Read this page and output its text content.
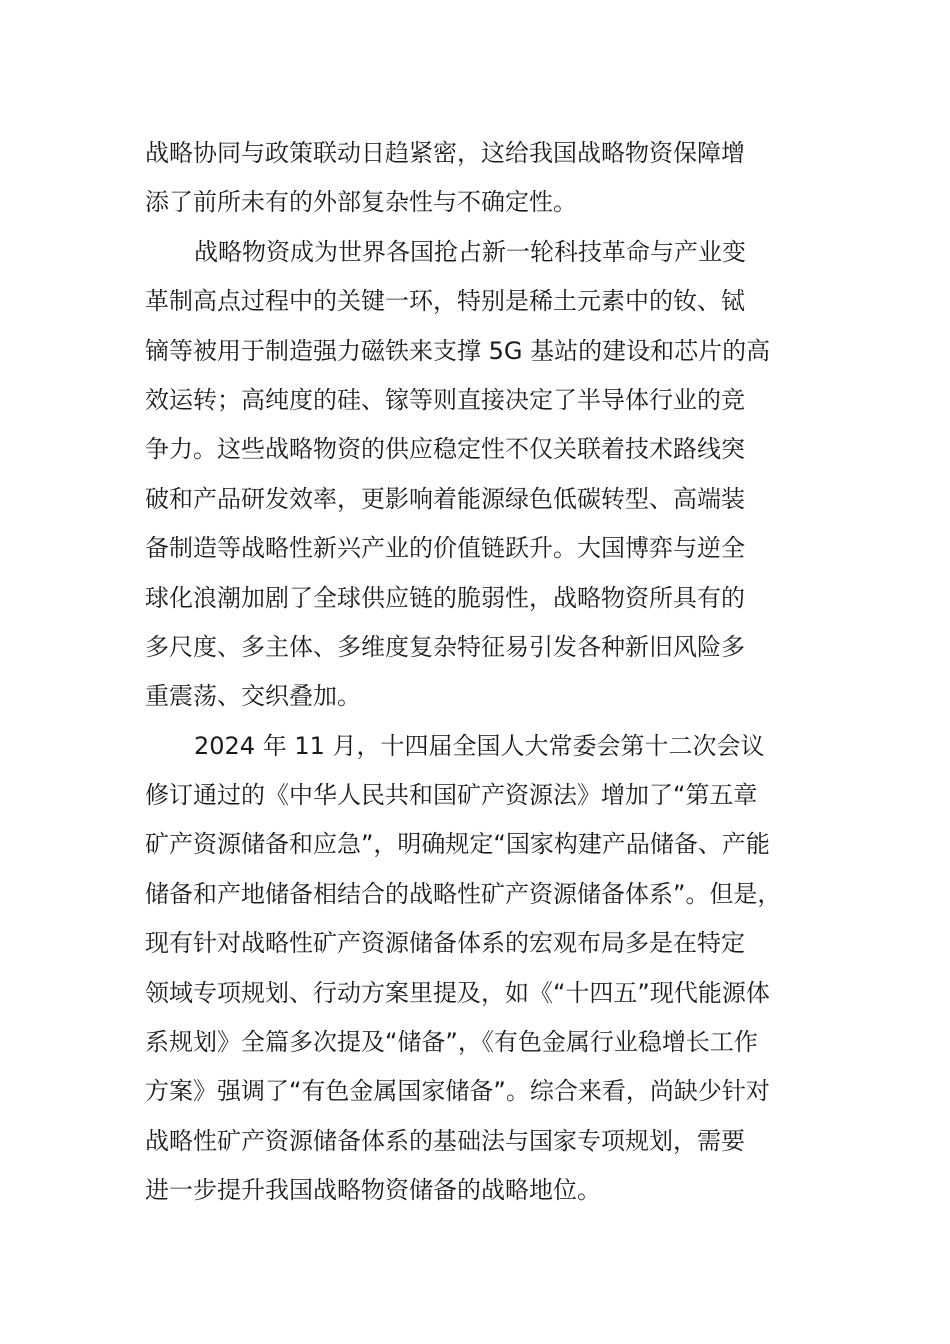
战略协同与政策联动日趋紧密，这给我国战略物资保障增
添了前所未有的外部复杂性与不确定性。
战略物资成为世界各国抢占新一轮科技革命与产业变
革制高点过程中的关键一环，特别是稀土元素中的钕、铽
镝等被用于制造强力磁铁来支撑 5G 基站的建设和芯片的高
效运转；高纯度的硅、镓等则直接决定了半导体行业的竞
争力。这些战略物资的供应稳定性不仅关联着技术路线突
破和产品研发效率，更影响着能源绿色低碳转型、高端装
备制造等战略性新兴产业的价值链跃升。大国博弈与逆全
球化浪潮加剧了全球供应链的脆弱性，战略物资所具有的
多尺度、多主体、多维度复杂特征易引发各种新旧风险多
重震荡、交织叠加。
2024 年 11 月，十四届全国人大常委会第十二次会议
修订通过的《中华人民共和国矿产资源法》增加了“第五章
矿产资源储备和应急”，明确规定“国家构建产品储备、产能
储备和产地储备相结合的战略性矿产资源储备体系”。但是，
现有针对战略性矿产资源储备体系的宏观布局多是在特定
领域专项规划、行动方案里提及，如《“十四五”现代能源体
系规划》全篇多次提及“储备”，《有色金属行业稳增长工作
方案》强调了“有色金属国家储备”。综合来看，尚缺少针对
战略性矿产资源储备体系的基础法与国家专项规划，需要
进一步提升我国战略物资储备的战略地位。
